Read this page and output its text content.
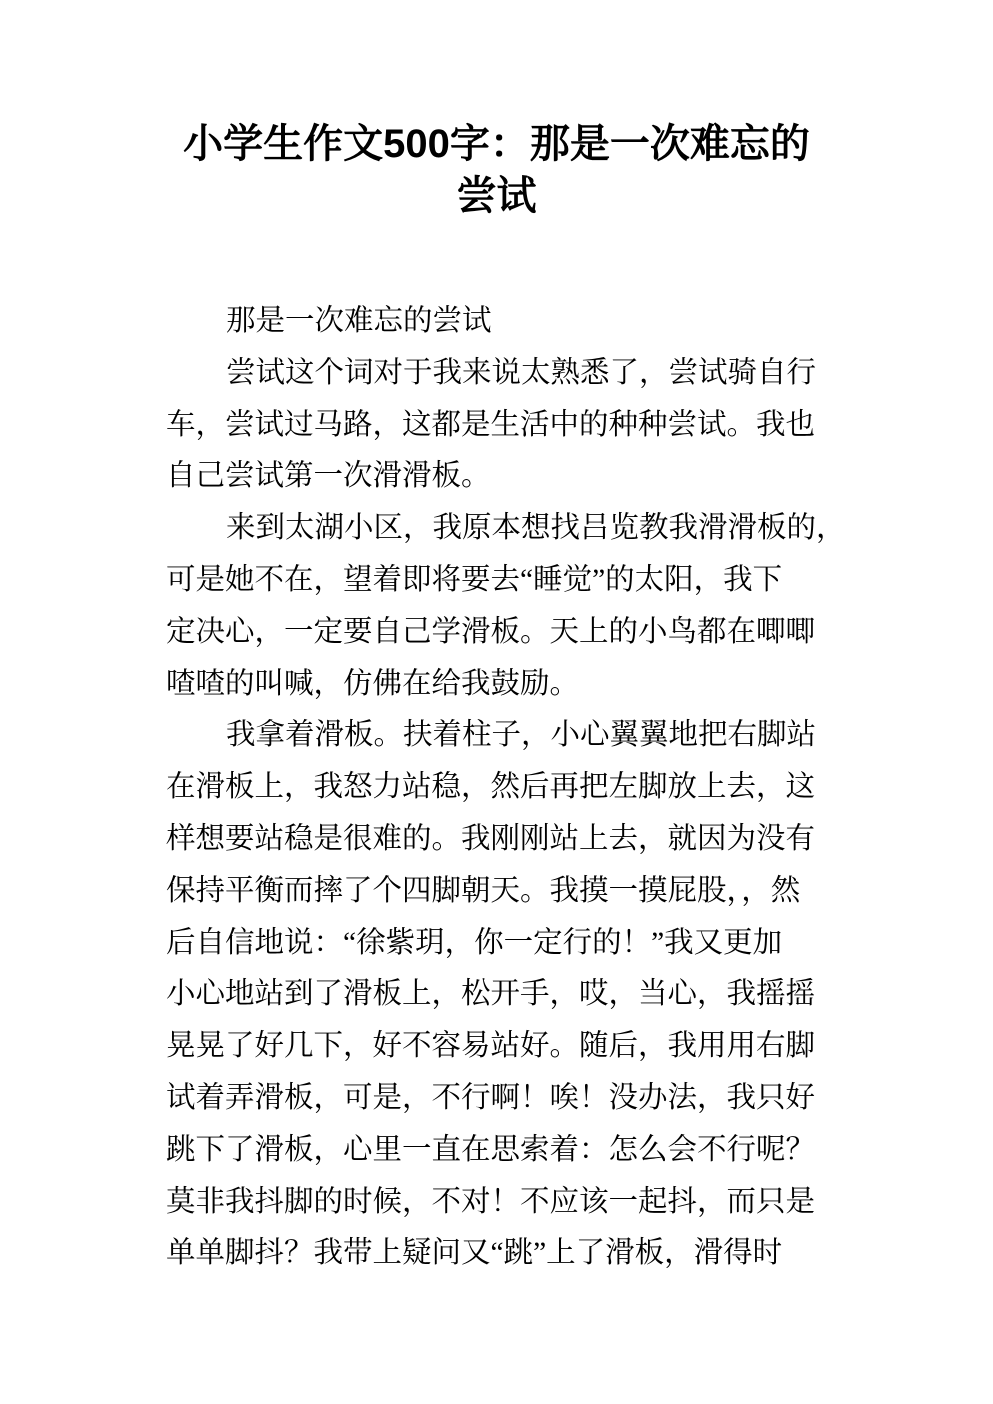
小学生作文500字：那是一次难忘的
尝试
那是一次难忘的尝试
尝试这个词对于我来说太熟悉了，尝试骑自行
车，尝试过马路，这都是生活中的种种尝试。我也
自己尝试第一次滑滑板。
来到太湖小区，我原本想找吕览教我滑滑板的，
可是她不在，望着即将要去“睡觉”的太阳，我下
定决心，一定要自己学滑板。天上的小鸟都在唧唧
喳喳的叫喊，仿佛在给我鼓励。
我拿着滑板。扶着柱子，小心翼翼地把右脚站
在滑板上，我怒力站稳，然后再把左脚放上去，这
样想要站稳是很难的。我刚刚站上去，就因为没有
保持平衡而摔了个四脚朝天。我摸一摸屁股，，然
后自信地说：“徐紫玥，你一定行的！”我又更加
小心地站到了滑板上，松开手，哎，当心，我摇摇
晃晃了好几下，好不容易站好。随后，我用用右脚
试着弄滑板，可是，不行啊！唉！没办法，我只好
跳下了滑板，心里一直在思索着：怎么会不行呢？
莫非我抖脚的时候，不对！不应该一起抖，而只是
单单脚抖？我带上疑问又“跳”上了滑板，滑得时
